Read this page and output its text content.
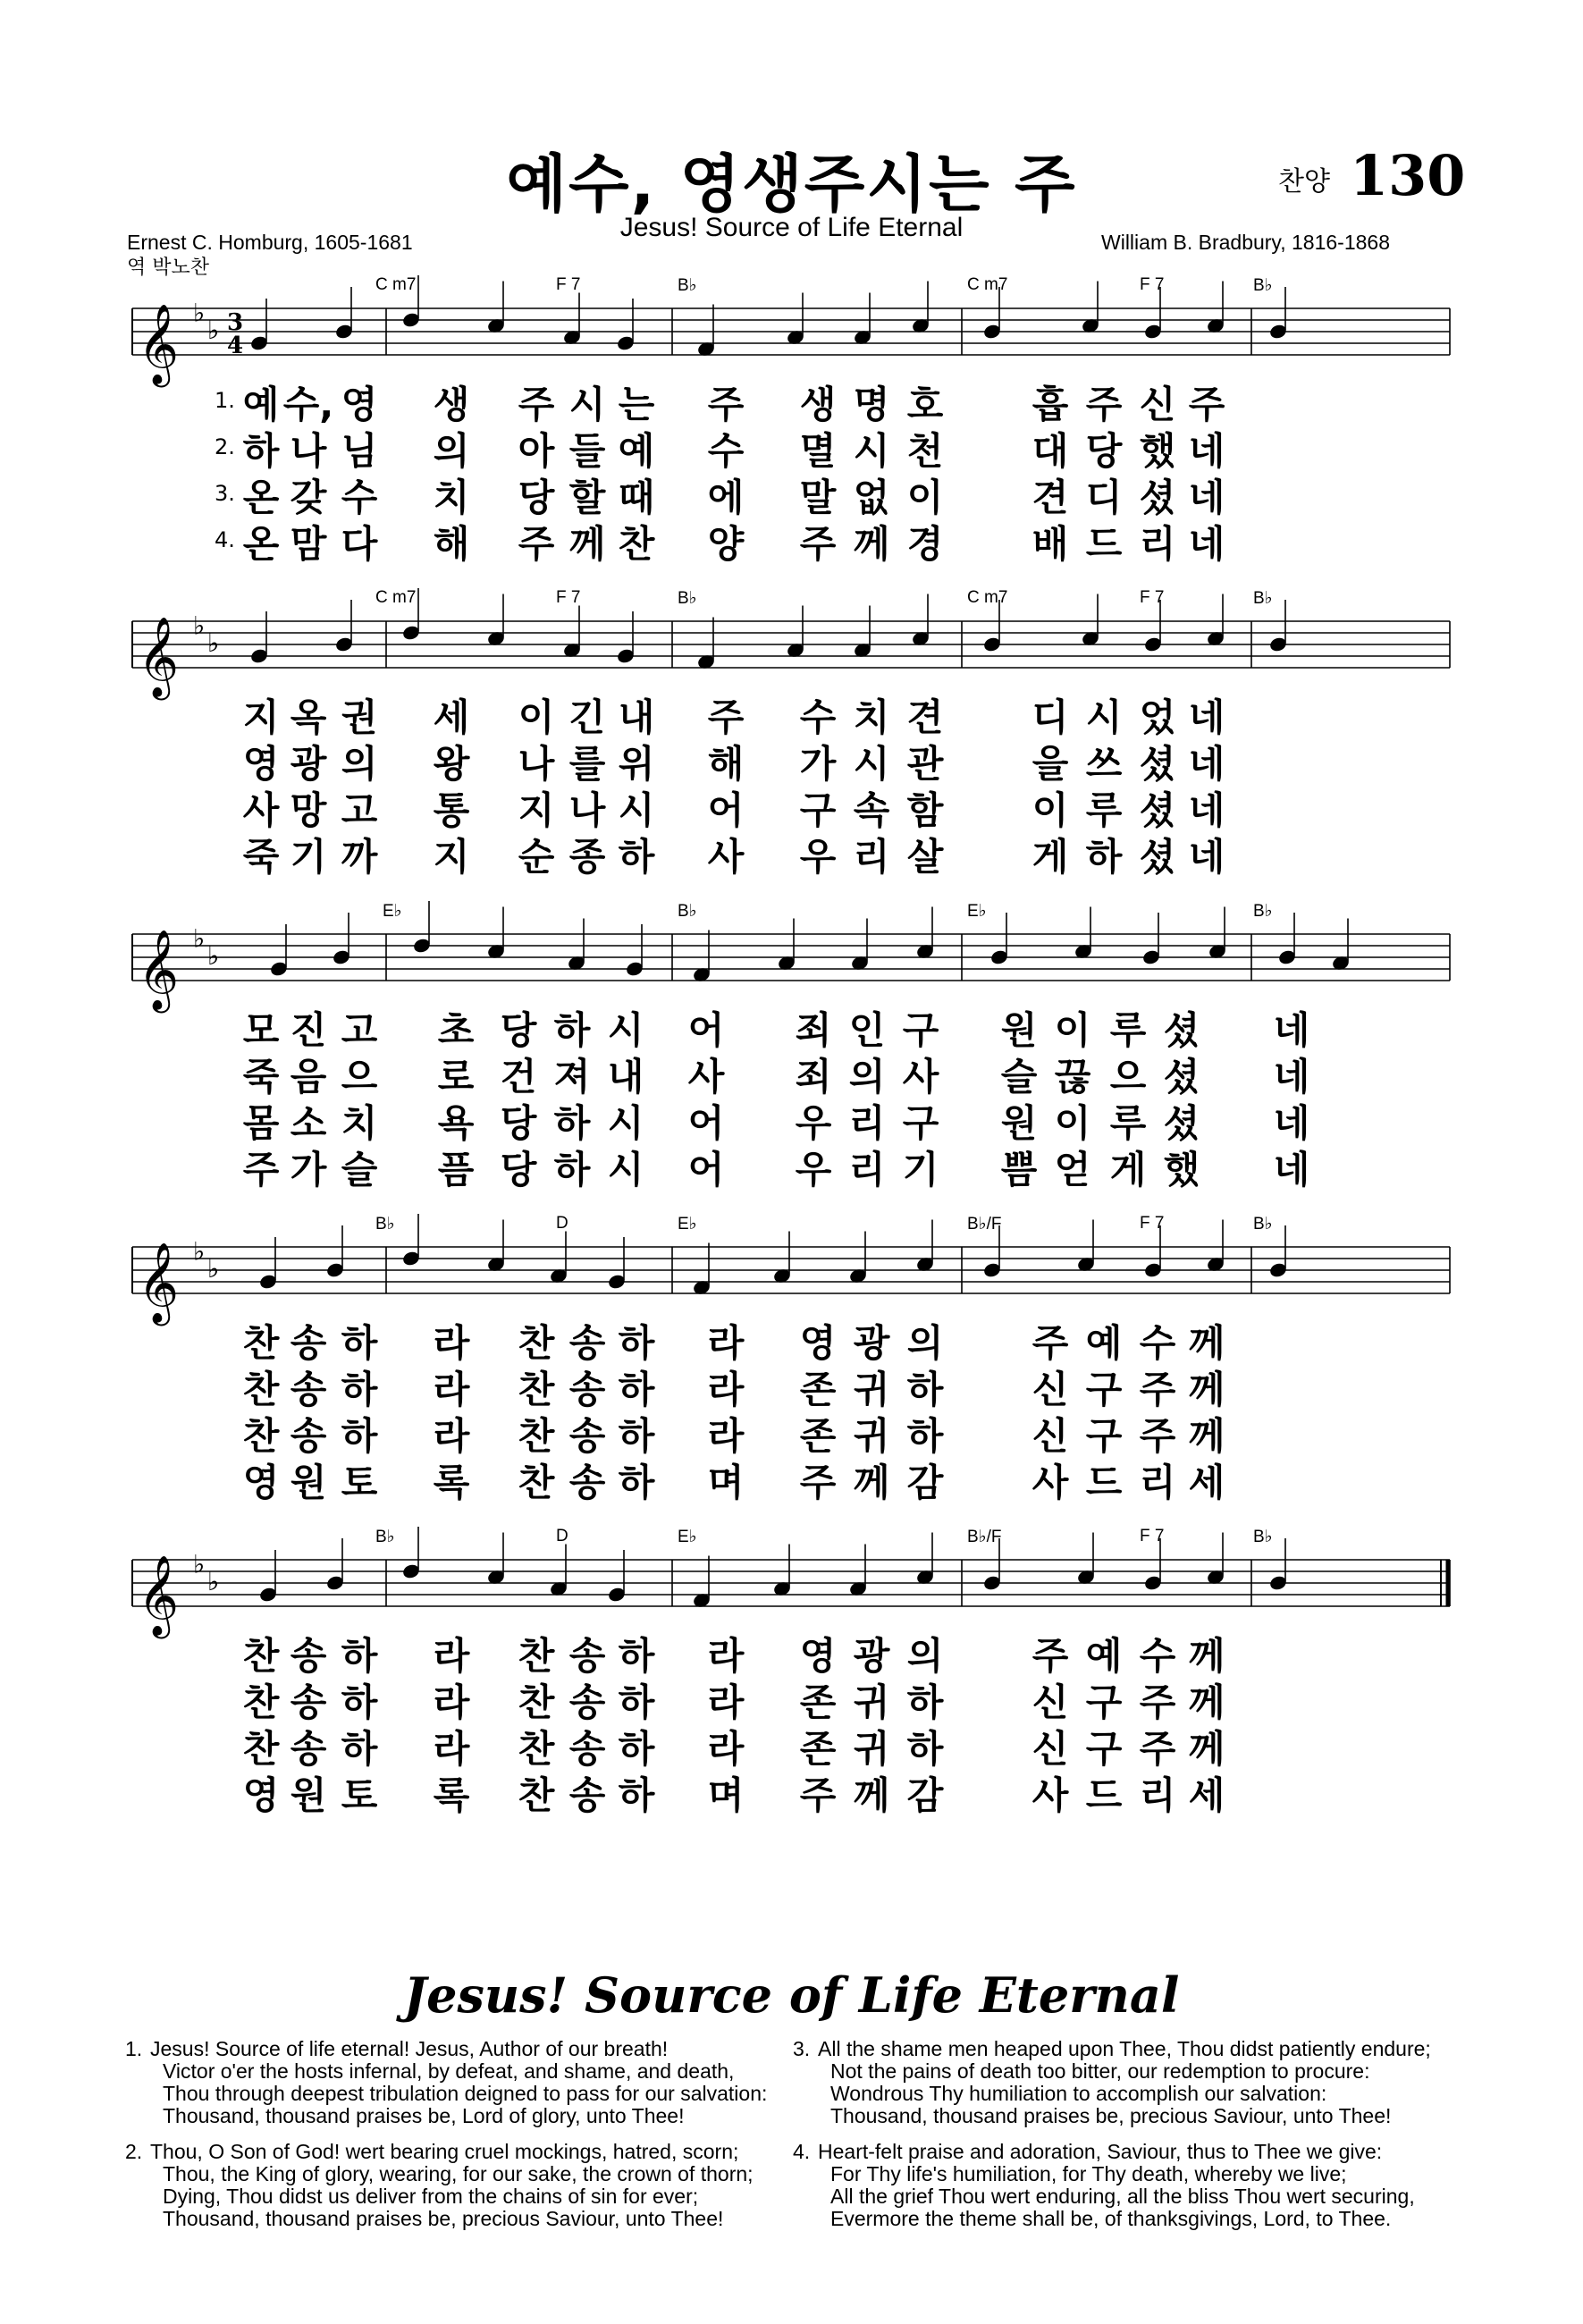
예수, 영생주시는 주	찬양 130
Jesus! Source of Life Eternal
Ernest C. Homburg, 1605-1681
역 박노찬
William B. Bradbury, 1816-1868
𝄞 ♭
♭ 3
4
C m7	F 7	B♭	C m7	F 7	B♭
1. 예 수, 영 생 주 시 는 주 생 명 호 흡 주 신 주
2. 하 나 님 의 아 들 예 수 멸 시 천 대 당 했 네
3. 온 갖 수 치 당 할 때 에 말 없 이 견 디 셨 네
4. 온 맘 다 해 주 께 찬 양 주 께 경 배 드 리 네
𝄞 ♭
♭
C m7	F 7	B♭	C m7	F 7	B♭
지 옥 권 세 이 긴 내 주 수 치 견 디 시 었 네
영 광 의 왕 나 를 위 해 가 시 관 을 쓰 셨 네
사 망 고 통 지 나 시 어 구 속 함 이 루 셨 네
죽 기 까 지 순 종 하 사 우 리 살 게 하 셨 네
𝄞 ♭
♭
E♭	B♭	E♭	B♭
모 진 고 초 당 하 시 어 죄 인 구 원 이 루 셨 네
죽 음 으 로 건 져 내 사 죄 의 사 슬 끊 으 셨 네
몸 소 치 욕 당 하 시 어 우 리 구 원 이 루 셨 네
주 가 슬 픔 당 하 시 어 우 리 기 쁨 얻 게 했 네
𝄞 ♭
♭
B♭	D	E♭	B♭/F	F 7	B♭
찬 송 하 라 찬 송 하 라 영 광 의 주 예 수 께
찬 송 하 라 찬 송 하 라 존 귀 하 신 구 주 께
찬 송 하 라 찬 송 하 라 존 귀 하 신 구 주 께
영 원 토 록 찬 송 하 며 주 께 감 사 드 리 세
𝄞 ♭
♭
B♭	D	E♭	B♭/F	F 7	B♭
찬 송 하 라 찬 송 하 라 영 광 의 주 예 수 께
찬 송 하 라 찬 송 하 라 존 귀 하 신 구 주 께
찬 송 하 라 찬 송 하 라 존 귀 하 신 구 주 께
영 원 토 록 찬 송 하 며 주 께 감 사 드 리 세
Jesus! Source of Life Eternal
1. Jesus! Source of life eternal! Jesus, Author of our breath!
Victor o'er the hosts infernal, by defeat, and shame, and death,
Thou through deepest tribulation deigned to pass for our salvation:
Thousand, thousand praises be, Lord of glory, unto Thee!
2. Thou, O Son of God! wert bearing cruel mockings, hatred, scorn;
Thou, the King of glory, wearing, for our sake, the crown of thorn;
Dying, Thou didst us deliver from the chains of sin for ever;
Thousand, thousand praises be, precious Saviour, unto Thee!
3. All the shame men heaped upon Thee, Thou didst patiently endure;
Not the pains of death too bitter, our redemption to procure:
Wondrous Thy humiliation to accomplish our salvation:
Thousand, thousand praises be, precious Saviour, unto Thee!
4. Heart-felt praise and adoration, Saviour, thus to Thee we give:
For Thy life's humiliation, for Thy death, whereby we live;
All the grief Thou wert enduring, all the bliss Thou wert securing,
Evermore the theme shall be, of thanksgivings, Lord, to Thee.
